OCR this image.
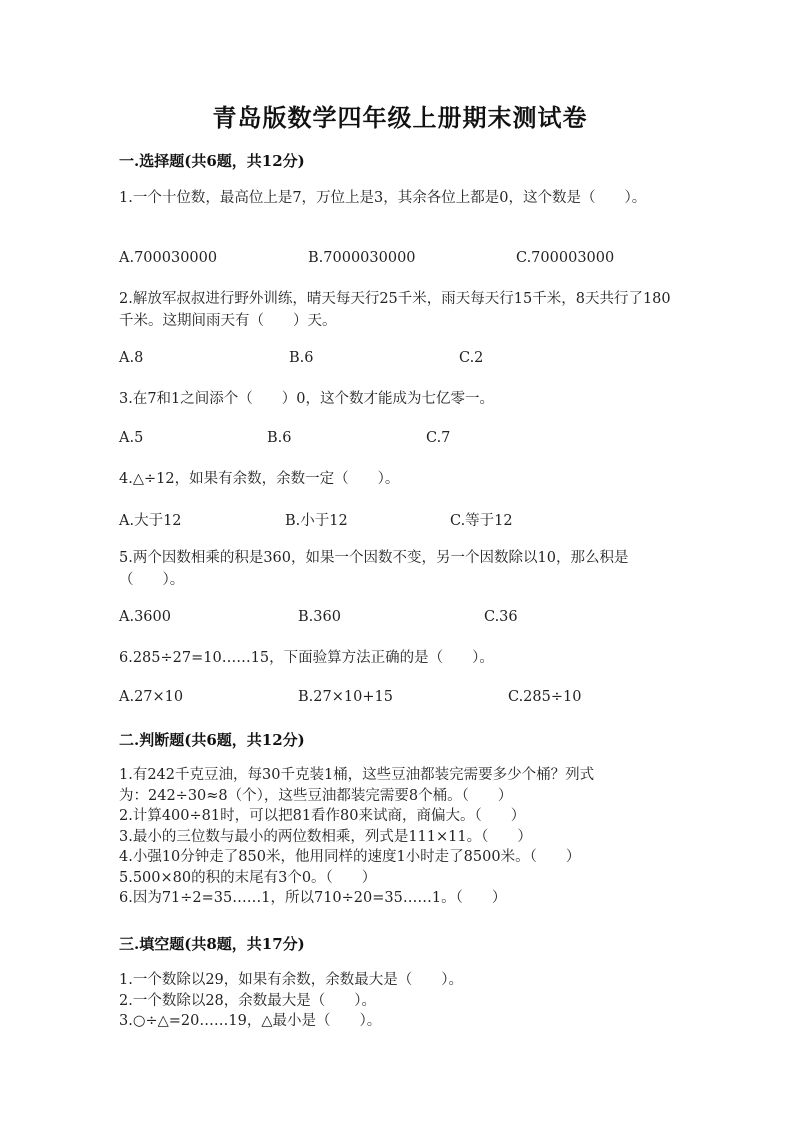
青岛版数学四年级上册期末测试卷
一.选择题(共6题，共12分)
1.一个十位数，最高位上是7，万位上是3，其余各位上都是0，这个数是（　　）。
A.700030000	B.7000030000	C.700003000
2.解放军叔叔进行野外训练，晴天每天行25千米，雨天每天行15千米，8天共行了180千米。这期间雨天有（　　）天。
A.8	B.6	C.2
3.在7和1之间添个（　　）0，这个数才能成为七亿零一。
A.5	B.6	C.7
4.△÷12，如果有余数，余数一定（　　）。
A.大于12	B.小于12	C.等于12
5.两个因数相乘的积是360，如果一个因数不变，另一个因数除以10，那么积是（　　）。
A.3600	B.360	C.36
6.285÷27=10……15，下面验算方法正确的是（　　）。
A.27×10	B.27×10+15	C.285÷10
二.判断题(共6题，共12分)
1.有242千克豆油，每30千克装1桶，这些豆油都装完需要多少个桶？列式
为：242÷30≈8（个），这些豆油都装完需要8个桶。（　　）
2.计算400÷81时，可以把81看作80来试商，商偏大。（　　）
3.最小的三位数与最小的两位数相乘，列式是111×11。（　　）
4.小强10分钟走了850米，他用同样的速度1小时走了8500米。（　　）
5.500×80的积的末尾有3个0。（　　）
6.因为71÷2=35……1，所以710÷20=35……1。（　　）
三.填空题(共8题，共17分)
1.一个数除以29，如果有余数，余数最大是（　　）。
2.一个数除以28，余数最大是（　　）。
3.○÷△=20……19，△最小是（　　）。
